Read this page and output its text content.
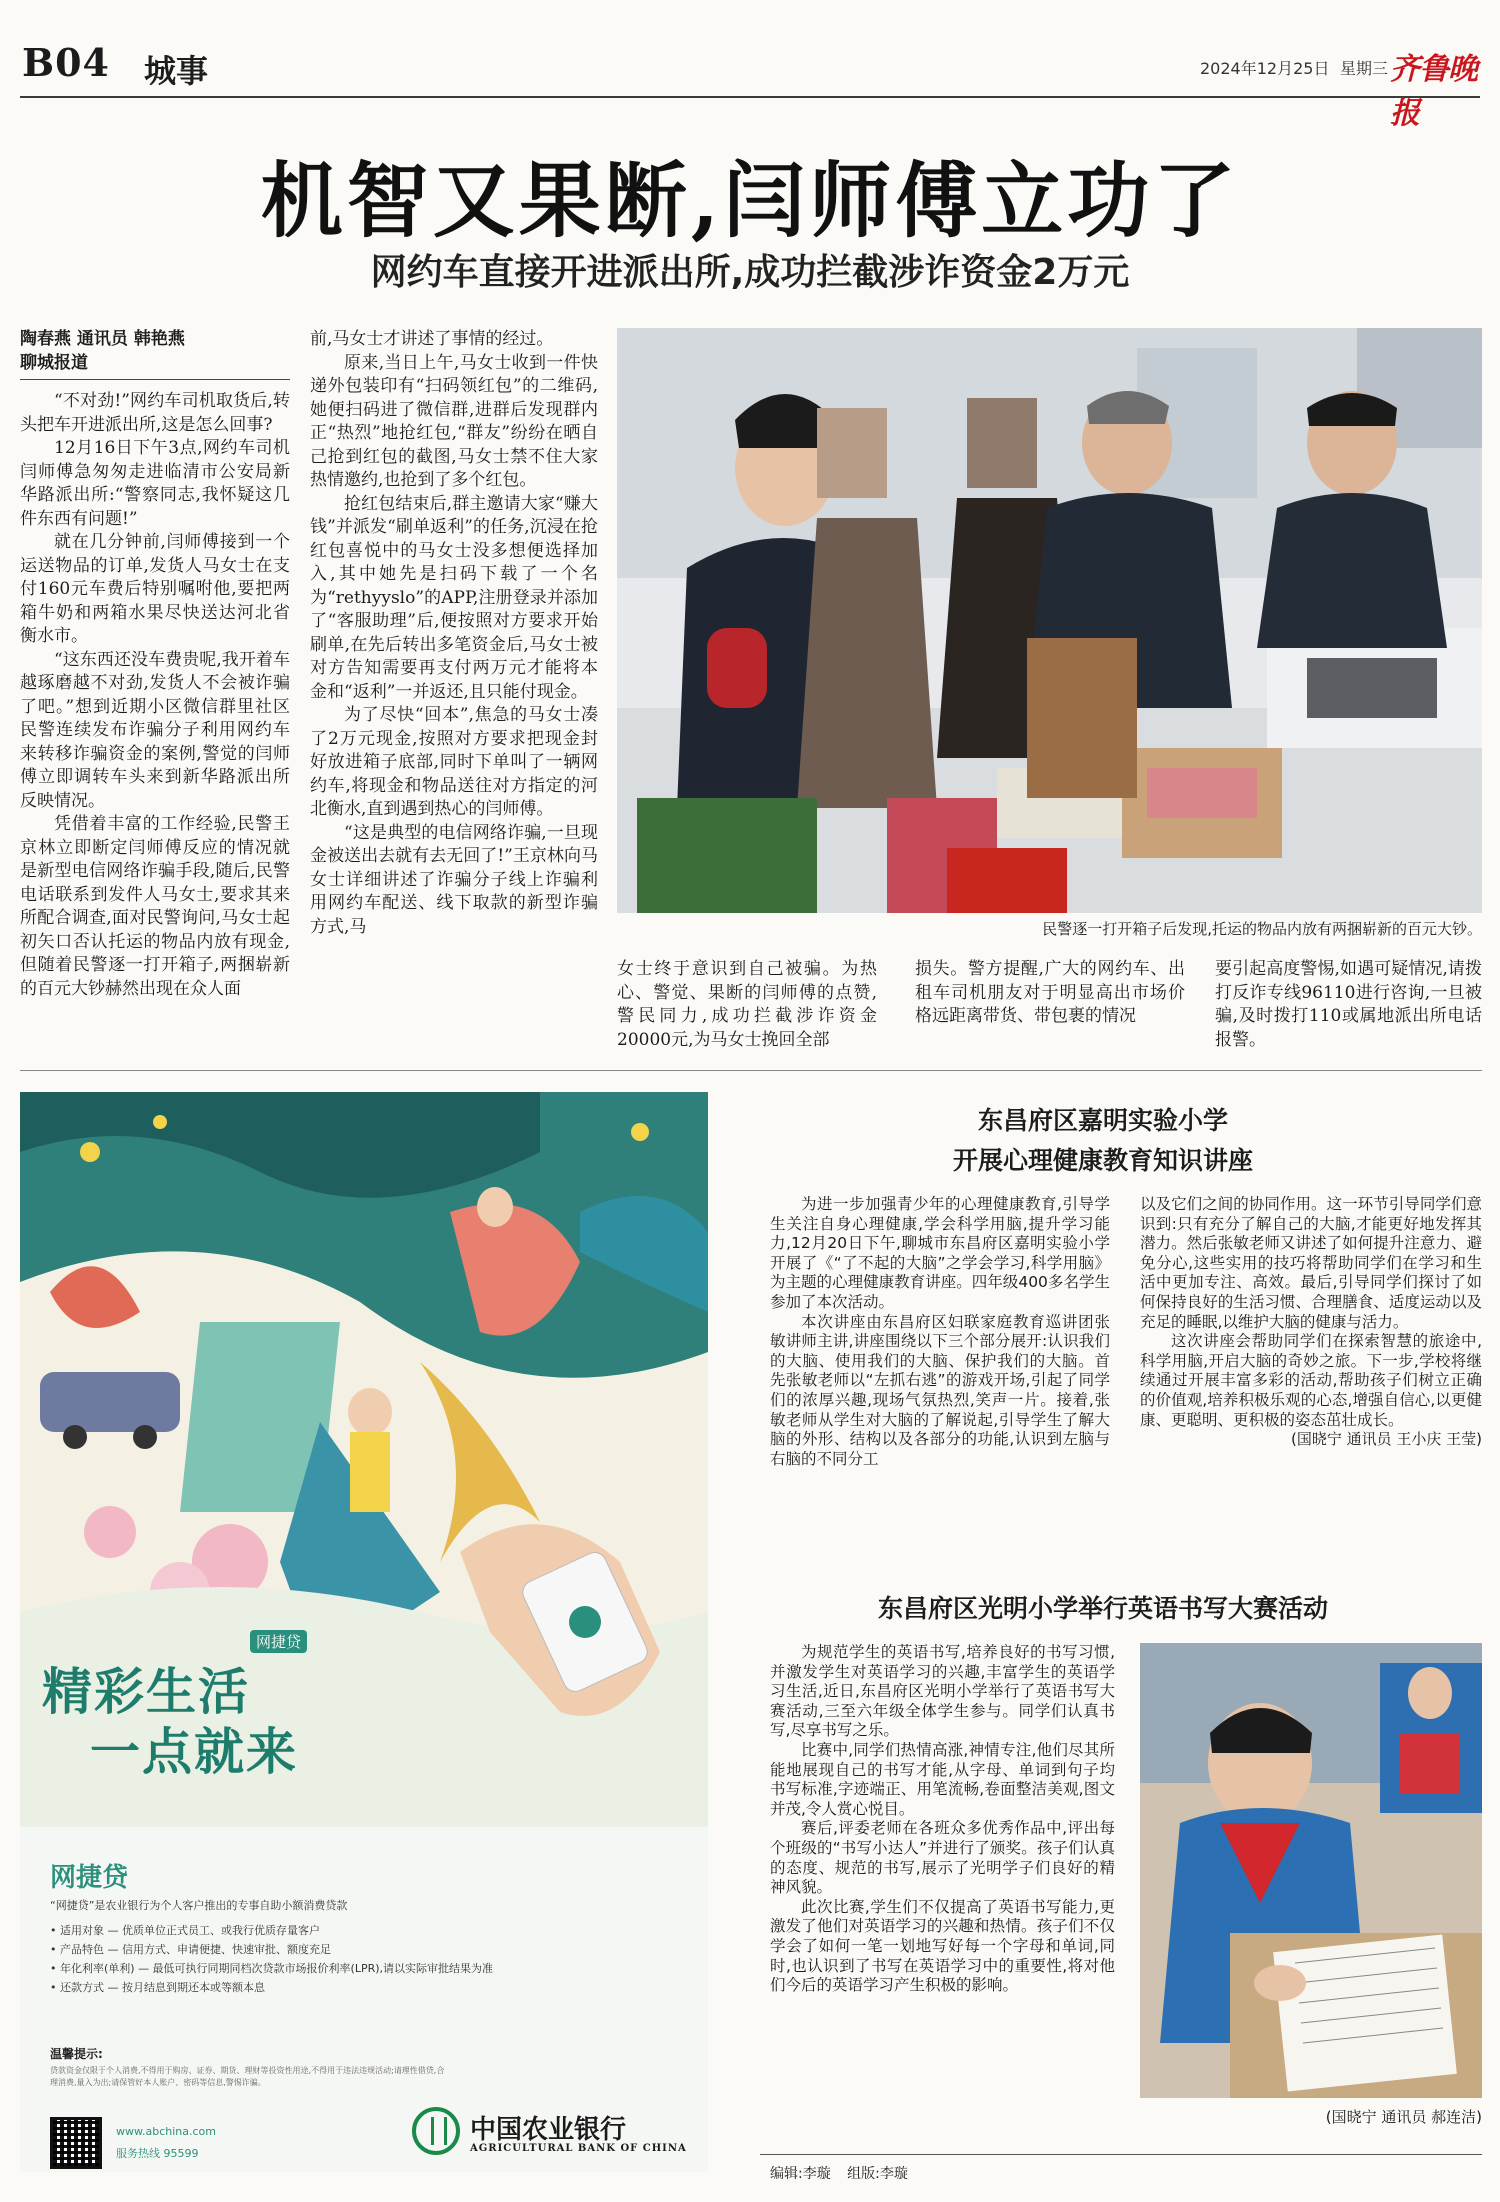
B04 城事	2024年12月25日 星期三 齐鲁晚报
机智又果断,闫师傅立功了
网约车直接开进派出所,成功拦截涉诈资金2万元

陶春燕 通讯员 韩艳燕

聊城报道

“不对劲!”网约车司机取货后,转头把车开进派出所,这是怎么回事?

12月16日下午3点,网约车司机闫师傅急匆匆走进临清市公安局新华路派出所:“警察同志,我怀疑这几件东西有问题!”

就在几分钟前,闫师傅接到一个运送物品的订单,发货人马女士在支付160元车费后特别嘱咐他,要把两箱牛奶和两箱水果尽快送达河北省衡水市。

“这东西还没车费贵呢,我开着车越琢磨越不对劲,发货人不会被诈骗了吧。”想到近期小区微信群里社区民警连续发布诈骗分子利用网约车来转移诈骗资金的案例,警觉的闫师傅立即调转车头来到新华路派出所反映情况。

凭借着丰富的工作经验,民警王京林立即断定闫师傅反应的情况就是新型电信网络诈骗手段,随后,民警电话联系到发件人马女士,要求其来所配合调查,面对民警询问,马女士起初矢口否认托运的物品内放有现金,但随着民警逐一打开箱子,两捆崭新的百元大钞赫然出现在众人面

前,马女士才讲述了事情的经过。

原来,当日上午,马女士收到一件快递外包装印有“扫码领红包”的二维码,她便扫码进了微信群,进群后发现群内正“热烈”地抢红包,“群友”纷纷在晒自己抢到红包的截图,马女士禁不住大家热情邀约,也抢到了多个红包。

抢红包结束后,群主邀请大家“赚大钱”并派发“刷单返利”的任务,沉浸在抢红包喜悦中的马女士没多想便选择加入,其中她先是扫码下载了一个名为“rethyyslo”的APP,注册登录并添加了“客服助理”后,便按照对方要求开始刷单,在先后转出多笔资金后,马女士被对方告知需要再支付两万元才能将本金和“返利”一并返还,且只能付现金。

为了尽快“回本”,焦急的马女士凑了2万元现金,按照对方要求把现金封好放进箱子底部,同时下单叫了一辆网约车,将现金和物品送往对方指定的河北衡水,直到遇到热心的闫师傅。

“这是典型的电信网络诈骗,一旦现金被送出去就有去无回了!”王京林向马女士详细讲述了诈骗分子线上诈骗利用网约车配送、线下取款的新型诈骗方式,马	民警逐一打开箱子后发现,托运的物品内放有两捆崭新的百元大钞。

女士终于意识到自己被骗。为热心、警觉、果断的闫师傅的点赞,警民同力,成功拦截涉诈资金20000元,为马女士挽回全部

损失。警方提醒,广大的网约车、出租车司机朋友对于明显高出市场价格远距离带货、带包裹的情况

要引起高度警惕,如遇可疑情况,请拨打反诈专线96110进行咨询,一旦被骗,及时拨打110或属地派出所电话报警。

网捷贷
精彩生活
一点就来
网捷贷
“网捷贷”是农业银行为个人客户推出的专事自助小额消费贷款
• 适用对象 — 优质单位正式员工、或我行优质存量客户
• 产品特色 — 信用方式、申请便捷、快速审批、额度充足
• 年化利率(单利) — 最低可执行同期同档次贷款市场报价利率(LPR),请以实际审批结果为准
• 还款方式 — 按月结息到期还本或等额本息
温馨提示:
贷款资金仅限于个人消费,不得用于购房、证券、期货、理财等投资性用途,不得用于违法违规活动;请理性借贷,合理消费,量入为出;请保管好本人账户、密码等信息,警惕诈骗。
www.abchina.com
服务热线 95599
中国农业银行
AGRICULTURAL BANK OF CHINA
东昌府区嘉明实验小学
开展心理健康教育知识讲座

为进一步加强青少年的心理健康教育,引导学生关注自身心理健康,学会科学用脑,提升学习能力,12月20日下午,聊城市东昌府区嘉明实验小学开展了《“了不起的大脑”之学会学习,科学用脑》为主题的心理健康教育讲座。四年级400多名学生参加了本次活动。

本次讲座由东昌府区妇联家庭教育巡讲团张敏讲师主讲,讲座围绕以下三个部分展开:认识我们的大脑、使用我们的大脑、保护我们的大脑。首先张敏老师以“左抓右逃”的游戏开场,引起了同学们的浓厚兴趣,现场气氛热烈,笑声一片。接着,张敏老师从学生对大脑的了解说起,引导学生了解大脑的外形、结构以及各部分的功能,认识到左脑与右脑的不同分工

以及它们之间的协同作用。这一环节引导同学们意识到:只有充分了解自己的大脑,才能更好地发挥其潜力。然后张敏老师又讲述了如何提升注意力、避免分心,这些实用的技巧将帮助同学们在学习和生活中更加专注、高效。最后,引导同学们探讨了如何保持良好的生活习惯、合理膳食、适度运动以及充足的睡眠,以维护大脑的健康与活力。

这次讲座会帮助同学们在探索智慧的旅途中,科学用脑,开启大脑的奇妙之旅。下一步,学校将继续通过开展丰富多彩的活动,帮助孩子们树立正确的价值观,培养积极乐观的心态,增强自信心,以更健康、更聪明、更积极的姿态茁壮成长。

(国晓宁 通讯员 王小庆 王莹)

东昌府区光明小学举行英语书写大赛活动

为规范学生的英语书写,培养良好的书写习惯,并激发学生对英语学习的兴趣,丰富学生的英语学习生活,近日,东昌府区光明小学举行了英语书写大赛活动,三至六年级全体学生参与。同学们认真书写,尽享书写之乐。

比赛中,同学们热情高涨,神情专注,他们尽其所能地展现自己的书写才能,从字母、单词到句子均书写标准,字迹端正、用笔流畅,卷面整洁美观,图文并茂,令人赏心悦目。

赛后,评委老师在各班众多优秀作品中,评出每个班级的“书写小达人”并进行了颁奖。孩子们认真的态度、规范的书写,展示了光明学子们良好的精神风貌。

此次比赛,学生们不仅提高了英语书写能力,更激发了他们对英语学习的兴趣和热情。孩子们不仅学会了如何一笔一划地写好每一个字母和单词,同时,也认识到了书写在英语学习中的重要性,将对他们今后的英语学习产生积极的影响。

(国晓宁 通讯员 郝连洁)
编辑:李璇 组版:李璇
